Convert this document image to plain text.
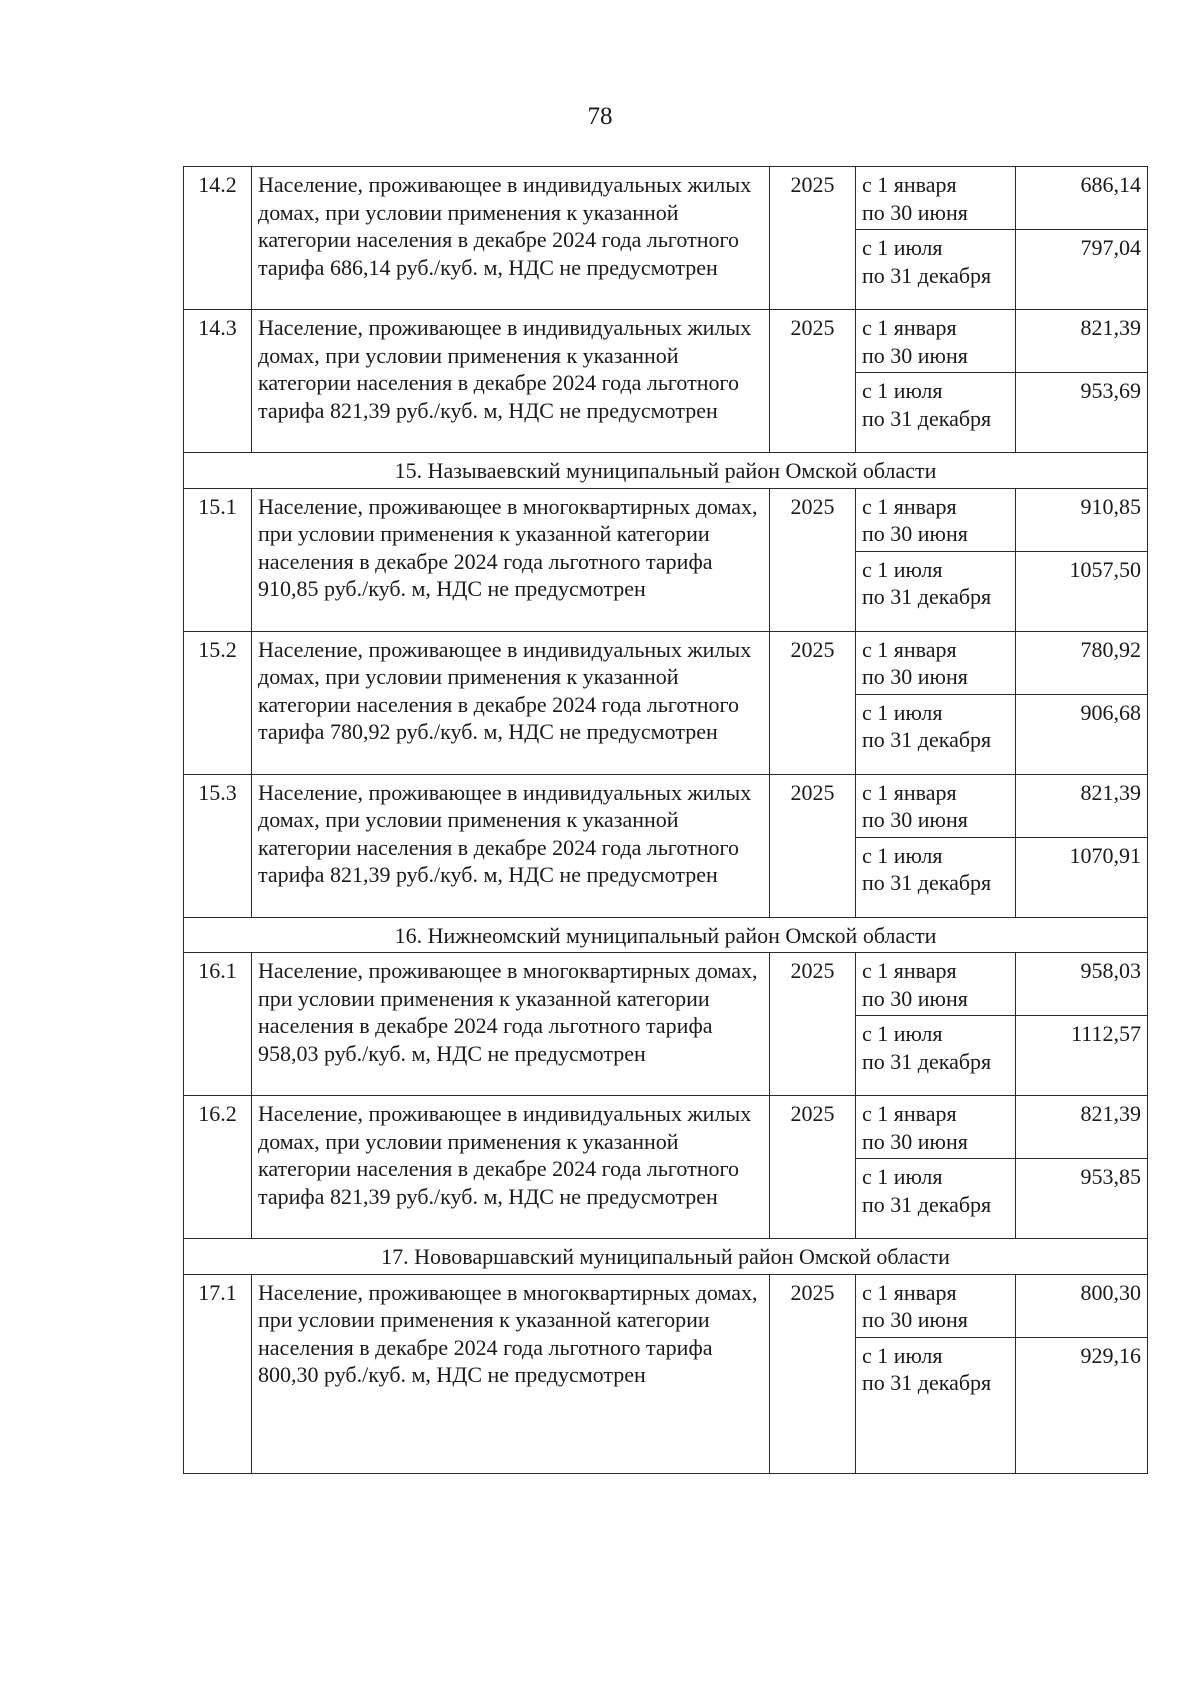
78
14.2	Население, проживающее в индивидуальных жилых домах, при условии применения к указанной категории населения в декабре 2024 года льготного тарифа 686,14 руб./куб. м, НДС не предусмотрен	2025	с 1 января
по 30 июня	686,14

			с 1 июля
по 31 декабря	797,04
14.3	Население, проживающее в индивидуальных жилых домах, при условии применения к указанной категории населения в декабре 2024 года льготного тарифа 821,39 руб./куб. м, НДС не предусмотрен	2025	с 1 января
по 30 июня	821,39

			с 1 июля
по 31 декабря	953,69
15. Называевский муниципальный район Омской области				
15.1	Население, проживающее в многоквартирных домах, при условии применения к указанной категории населения в декабре 2024 года льготного тарифа 910,85 руб./куб. м, НДС не предусмотрен	2025	с 1 января
по 30 июня	910,85

			с 1 июля
по 31 декабря	1057,50
15.2	Население, проживающее в индивидуальных жилых домах, при условии применения к указанной категории населения в декабре 2024 года льготного тарифа 780,92 руб./куб. м, НДС не предусмотрен	2025	с 1 января
по 30 июня	780,92

			с 1 июля
по 31 декабря	906,68
15.3	Население, проживающее в индивидуальных жилых домах, при условии применения к указанной категории населения в декабре 2024 года льготного тарифа 821,39 руб./куб. м, НДС не предусмотрен	2025	с 1 января
по 30 июня	821,39

			с 1 июля
по 31 декабря	1070,91
16. Нижнеомский муниципальный район Омской области				
16.1	Население, проживающее в многоквартирных домах, при условии применения к указанной категории населения в декабре 2024 года льготного тарифа 958,03 руб./куб. м, НДС не предусмотрен	2025	с 1 января
по 30 июня	958,03

			с 1 июля
по 31 декабря	1112,57
16.2	Население, проживающее в индивидуальных жилых домах, при условии применения к указанной категории населения в декабре 2024 года льготного тарифа 821,39 руб./куб. м, НДС не предусмотрен	2025	с 1 января
по 30 июня	821,39

			с 1 июля
по 31 декабря	953,85
17. Нововаршавский муниципальный район Омской области				
17.1	Население, проживающее в многоквартирных домах, при условии применения к указанной категории населения в декабре 2024 года льготного тарифа 800,30 руб./куб. м, НДС не предусмотрен	2025	с 1 января
по 30 июня	800,30

			с 1 июля
по 31 декабря	929,16
